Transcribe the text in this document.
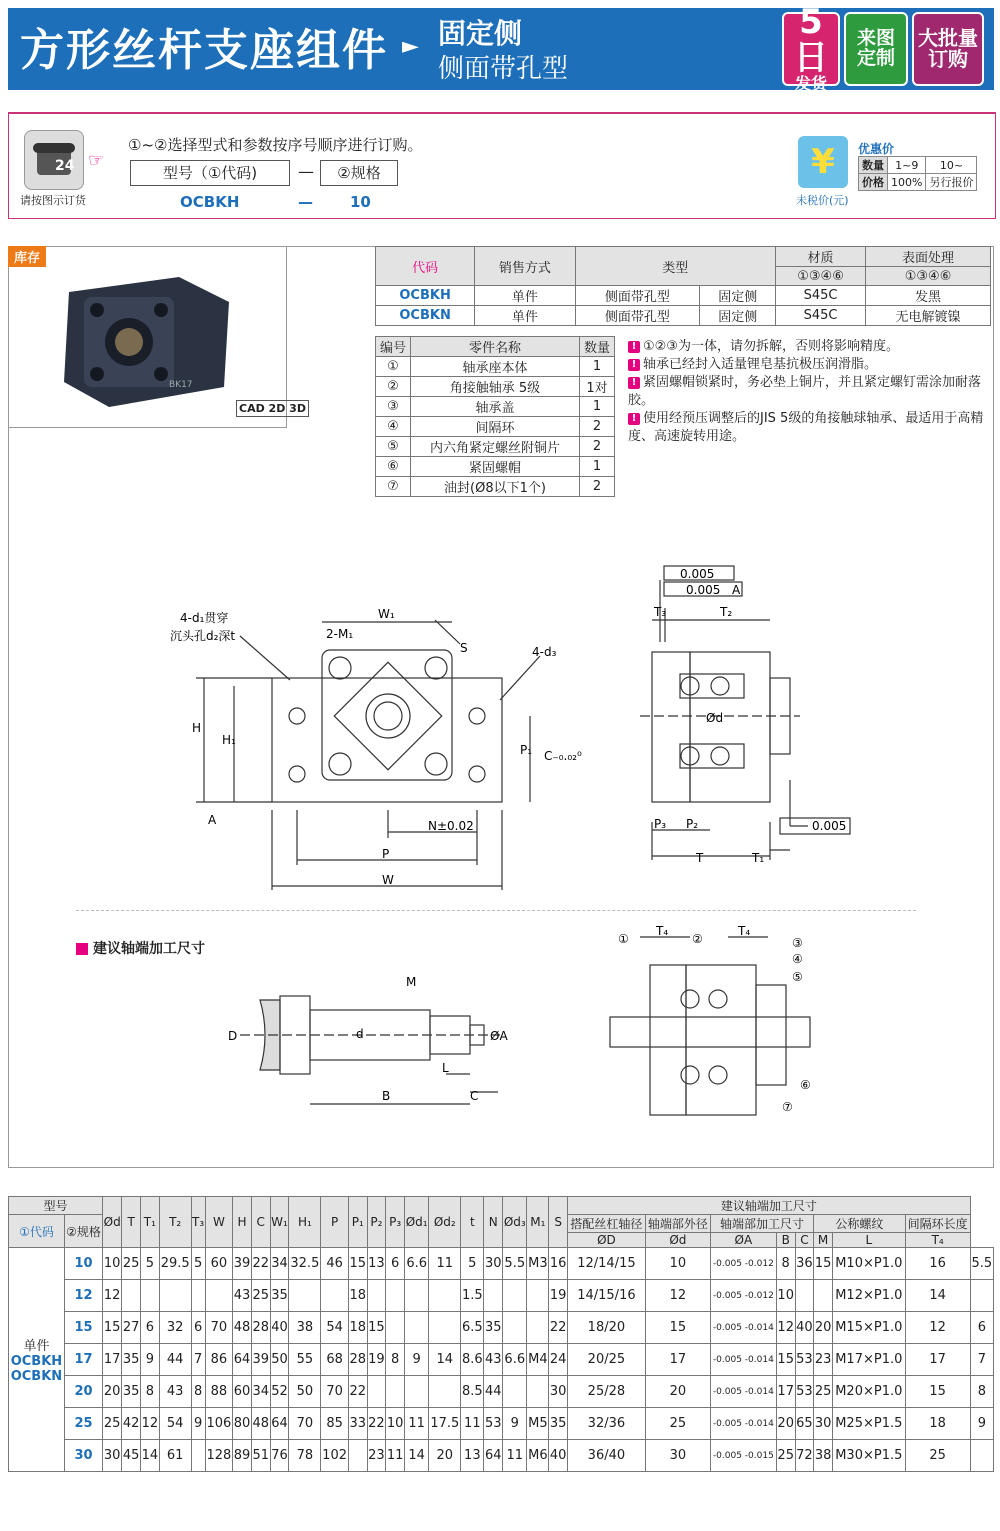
方形丝杆支座组件 ► 固定侧
侧面带孔型
5日
发货
来图
定制
大批量
订购
24
请按图示订货
☞
①~②选择型式和参数按序号顺序进行订购。
型号（①代码)	—	②规格
OCBKH	— 10
¥
未税价(元)
优惠价
数量	1~9	10~
价格	100%	另行报价
BK17
库存
CAD 2D 3D
代码	销售方式	类型		材质	表面处理
				①③④⑥	①③④⑥
OCBKH	单件	侧面带孔型	固定侧	S45C	发黑
OCBKN	单件	侧面带孔型	固定侧	S45C	无电解镀镍
编号	零件名称	数量
①	轴承座本体	1
②	角接触轴承 5级	1对
③	轴承盖	1
④	间隔环	2
⑤	内六角紧定螺丝附铜片	2
⑥	紧固螺帽	1
⑦	油封(Ø8以下1个)	2
! ①②③为一体，请勿拆解，否则将影响精度。
! 轴承已经封入适量锂皂基抗极压润滑脂。
! 紧固螺帽锁紧时，务必垫上铜片，并且紧定螺钉需涂加耐落胶。
! 使用经预压调整后的JIS 5级的角接触球轴承、最适用于高精度、高速旋转用途。
4-d₁贯穿
沉头孔d₂深t
W₁
2-M₁
S	4-d₃
H
H₁
P₁ C₋₀.₀₂⁰
N±0.02
P
W
A
0.005
0.005 A
T₃	T₂
Ød
P₃ P₂
T	T₁
0.005
建议轴端加工尺寸
M
D	d	ØA
L
B	C
T₄	T₄
①	②	③
④
⑤
⑥
⑦
型号		Ød	T	T₁	T₂	T₃	W	H	C	W₁	H₁	P	P₁	P₂	P₃	Ød₁	Ød₂	t	N	Ød₃	M₁	S	建议轴端加工尺寸								
①代码	②规格																						搭配丝杠轴径	轴端部外径	轴端部加工尺寸			公称螺纹		间隔环长度	
																							ØD	Ød	ØA	B	C	M	L	T₄	

单件
OCBKH
OCBKN	10	10	25	5	29.5	5	60	39	22	34	32.5	46	15	13	6	6.6	11	5	30	5.5	M3	16	12/14/15	10	-0.005 -0.012	8	36	15	M10×P1.0	16	5.5
	12	12						43	25	35			18					1.5				19	14/15/16	12	-0.005 -0.012	10			M12×P1.0	14	
	15	15	27	6	32	6	70	48	28	40	38	54	18	15				6.5	35			22	18/20	15	-0.005 -0.014	12	40	20	M15×P1.0	12	6
	17	17	35	9	44	7	86	64	39	50	55	68	28	19	8	9	14	8.6	43	6.6	M4	24	20/25	17	-0.005 -0.014	15	53	23	M17×P1.0	17	7
	20	20	35	8	43	8	88	60	34	52	50	70	22					8.5	44			30	25/28	20	-0.005 -0.014	17	53	25	M20×P1.0	15	8
	25	25	42	12	54	9	106	80	48	64	70	85	33	22	10	11	17.5	11	53	9	M5	35	32/36	25	-0.005 -0.014	20	65	30	M25×P1.5	18	9
	30	30	45	14	61		128	89	51	76	78	102		23	11	14	20	13	64	11	M6	40	36/40	30	-0.005 -0.015	25	72	38	M30×P1.5	25	
